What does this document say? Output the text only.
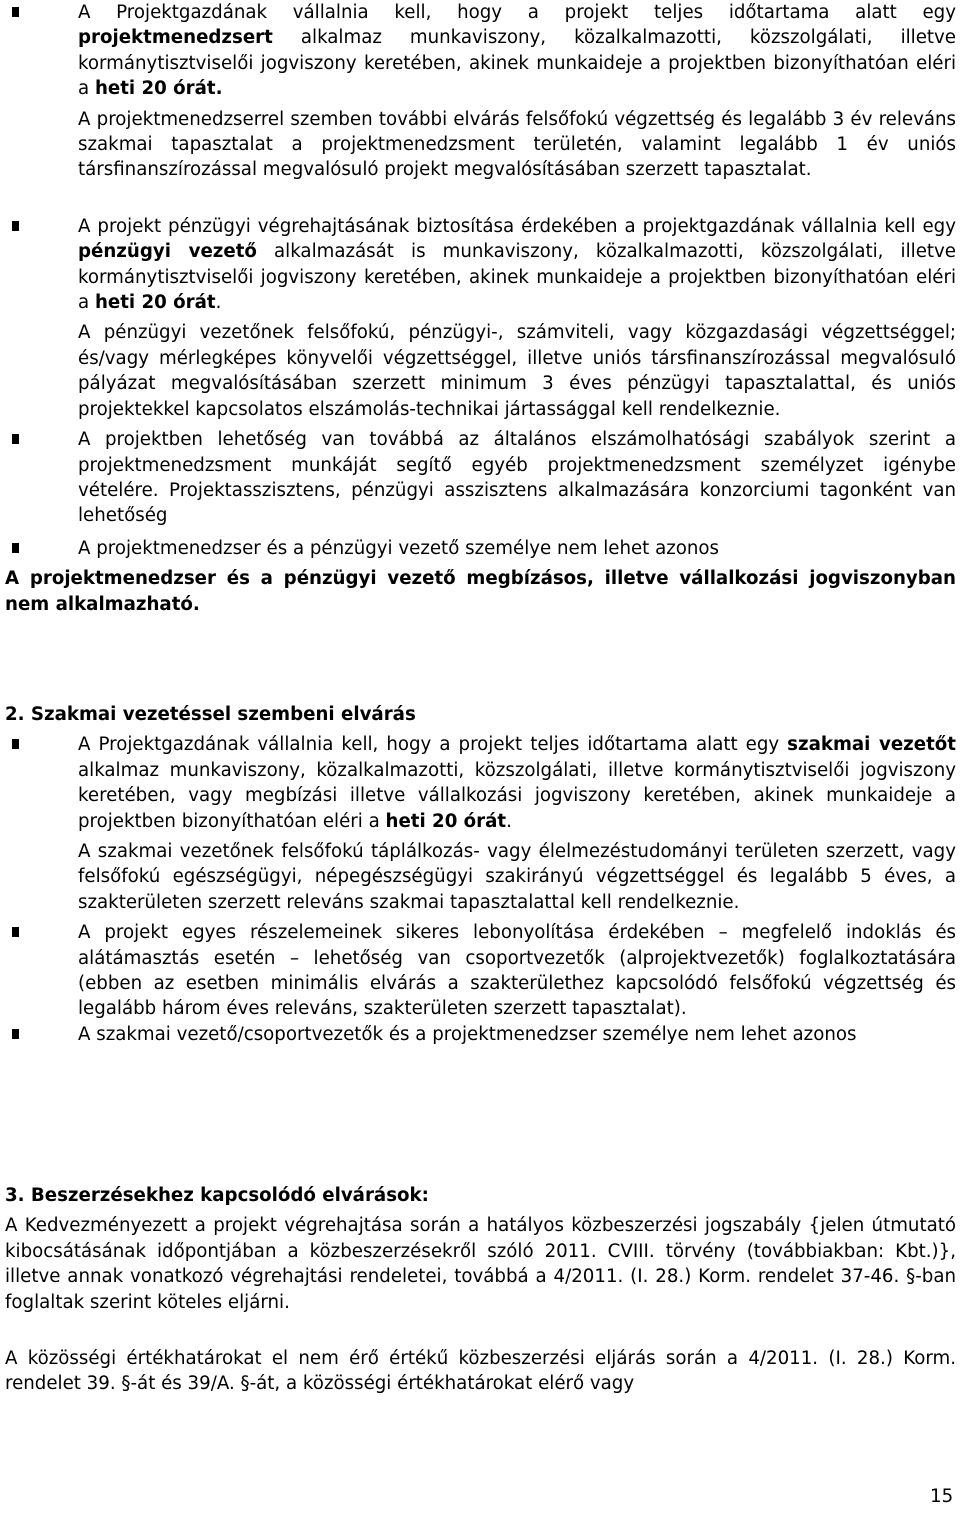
A Projektgazdának vállalnia kell, hogy a projekt teljes időtartama alatt egy projektmenedzsert alkalmaz munkaviszony, közalkalmazotti, közszolgálati, illetve kormánytisztviselői jogviszony keretében, akinek munkaideje a projektben bizonyíthatóan eléri a heti 20 órát.

A projektmenedzserrel szemben további elvárás felsőfokú végzettség és legalább 3 év releváns szakmai tapasztalat a projektmenedzsment területén, valamint legalább 1 év uniós társfinanszírozással megvalósuló projekt megvalósításában szerzett tapasztalat.

A projekt pénzügyi végrehajtásának biztosítása érdekében a projektgazdának vállalnia kell egy pénzügyi vezető alkalmazását is munkaviszony, közalkalmazotti, közszolgálati, illetve kormánytisztviselői jogviszony keretében, akinek munkaideje a projektben bizonyíthatóan eléri a heti 20 órát.

A pénzügyi vezetőnek felsőfokú, pénzügyi-, számviteli, vagy közgazdasági végzettséggel; és/vagy mérlegképes könyvelői végzettséggel, illetve uniós társfinanszírozással megvalósuló pályázat megvalósításában szerzett minimum 3 éves pénzügyi tapasztalattal, és uniós projektekkel kapcsolatos elszámolás-technikai jártassággal kell rendelkeznie.

A projektben lehetőség van továbbá az általános elszámolhatósági szabályok szerint a projektmenedzsment munkáját segítő egyéb projektmenedzsment személyzet igénybe vételére. Projektasszisztens, pénzügyi asszisztens alkalmazására konzorciumi tagonként van lehetőség

A projektmenedzser és a pénzügyi vezető személye nem lehet azonos

A projektmenedzser és a pénzügyi vezető megbízásos, illetve vállalkozási jogviszonyban nem alkalmazható.

2. Szakmai vezetéssel szembeni elvárás

A Projektgazdának vállalnia kell, hogy a projekt teljes időtartama alatt egy szakmai vezetőt alkalmaz munkaviszony, közalkalmazotti, közszolgálati, illetve kormánytisztviselői jogviszony keretében, vagy megbízási illetve vállalkozási jogviszony keretében, akinek munkaideje a projektben bizonyíthatóan eléri a heti 20 órát.

A szakmai vezetőnek felsőfokú táplálkozás- vagy élelmezéstudományi területen szerzett, vagy felsőfokú egészségügyi, népegészségügyi szakirányú végzettséggel és legalább 5 éves, a szakterületen szerzett releváns szakmai tapasztalattal kell rendelkeznie.

A projekt egyes részelemeinek sikeres lebonyolítása érdekében – megfelelő indoklás és alátámasztás esetén – lehetőség van csoportvezetők (alprojektvezetők) foglalkoztatására (ebben az esetben minimális elvárás a szakterülethez kapcsolódó felsőfokú végzettség és legalább három éves releváns, szakterületen szerzett tapasztalat).

A szakmai vezető/csoportvezetők és a projektmenedzser személye nem lehet azonos

3. Beszerzésekhez kapcsolódó elvárások:

A Kedvezményezett a projekt végrehajtása során a hatályos közbeszerzési jogszabály {jelen útmutató kibocsátásának időpontjában a közbeszerzésekről szóló 2011. CVIII. törvény (továbbiakban: Kbt.)}, illetve annak vonatkozó végrehajtási rendeletei, továbbá a 4/2011. (I. 28.) Korm. rendelet 37-46. §-ban foglaltak szerint köteles eljárni.

A közösségi értékhatárokat el nem érő értékű közbeszerzési eljárás során a 4/2011. (I. 28.) Korm. rendelet 39. §-át és 39/A. §-át, a közösségi értékhatárokat elérő vagy

15
